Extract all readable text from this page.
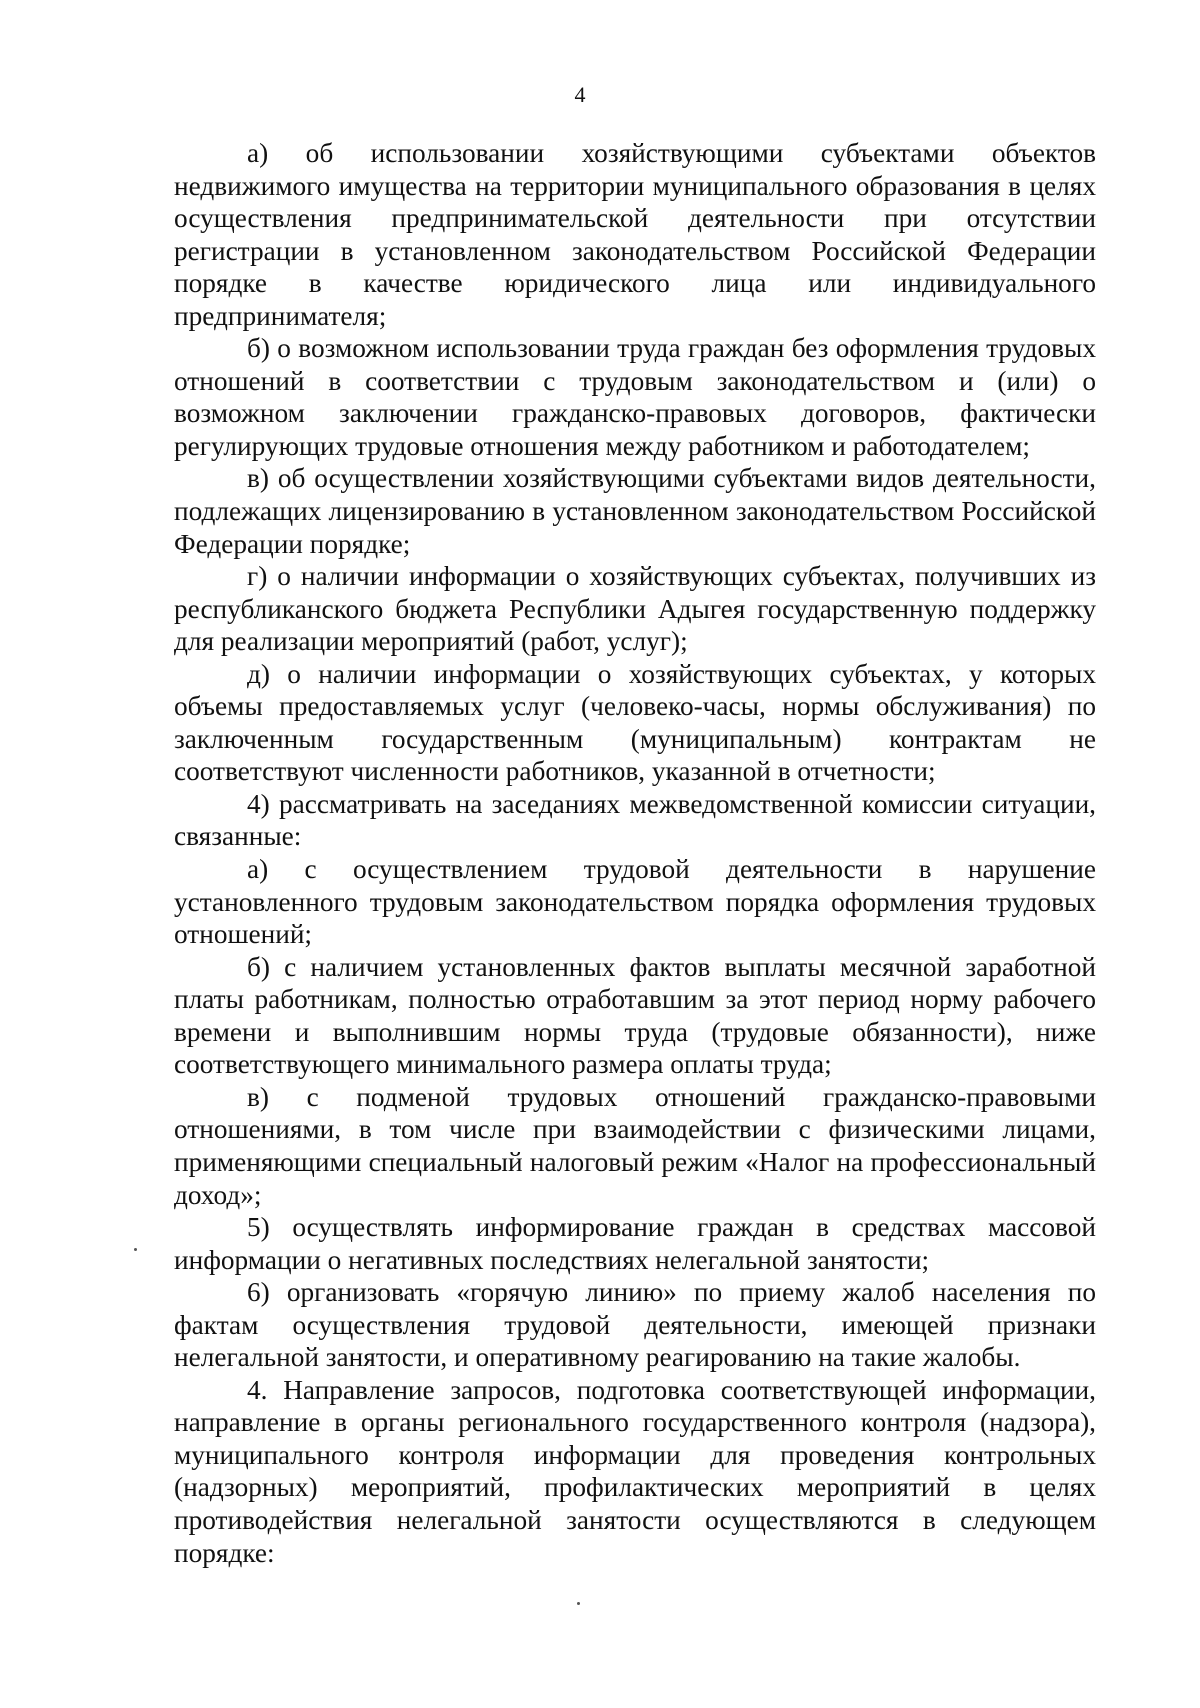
4

а) об использовании хозяйствующими субъектами объектов недвижимого имущества на территории муниципального образования в целях осуществления предпринимательской деятельности при отсутствии регистрации в установленном законодательством Российской Федерации порядке в качестве юридического лица или индивидуального предпринимателя;

б) о возможном использовании труда граждан без оформления трудовых отношений в соответствии с трудовым законодательством и (или) о возможном заключении гражданско-правовых договоров, фактически регулирующих трудовые отношения между работником и работодателем;

в) об осуществлении хозяйствующими субъектами видов деятельности, подлежащих лицензированию в установленном законодательством Российской Федерации порядке;

г) о наличии информации о хозяйствующих субъектах, получивших из республиканского бюджета Республики Адыгея государственную поддержку для реализации мероприятий (работ, услуг);

д) о наличии информации о хозяйствующих субъектах, у которых объемы предоставляемых услуг (человеко-часы, нормы обслуживания) по заключенным государственным (муниципальным) контрактам не соответствуют численности работников, указанной в отчетности;

4) рассматривать на заседаниях межведомственной комиссии ситуации, связанные:

а) с осуществлением трудовой деятельности в нарушение установленного трудовым законодательством порядка оформления трудовых отношений;

б) с наличием установленных фактов выплаты месячной заработной платы работникам, полностью отработавшим за этот период норму рабочего времени и выполнившим нормы труда (трудовые обязанности), ниже соответствующего минимального размера оплаты труда;

в) с подменой трудовых отношений гражданско-правовыми отношениями, в том числе при взаимодействии с физическими лицами, применяющими специальный налоговый режим «Налог на профессиональный доход»;

5) осуществлять информирование граждан в средствах массовой информации о негативных последствиях нелегальной занятости;

6) организовать «горячую линию» по приему жалоб населения по фактам осуществления трудовой деятельности, имеющей признаки нелегальной занятости, и оперативному реагированию на такие жалобы.

4. Направление запросов, подготовка соответствующей информации, направление в органы регионального государственного контроля (надзора), муниципального контроля информации для проведения контрольных (надзорных) мероприятий, профилактических мероприятий в целях противодействия нелегальной занятости осуществляются в следующем порядке:
